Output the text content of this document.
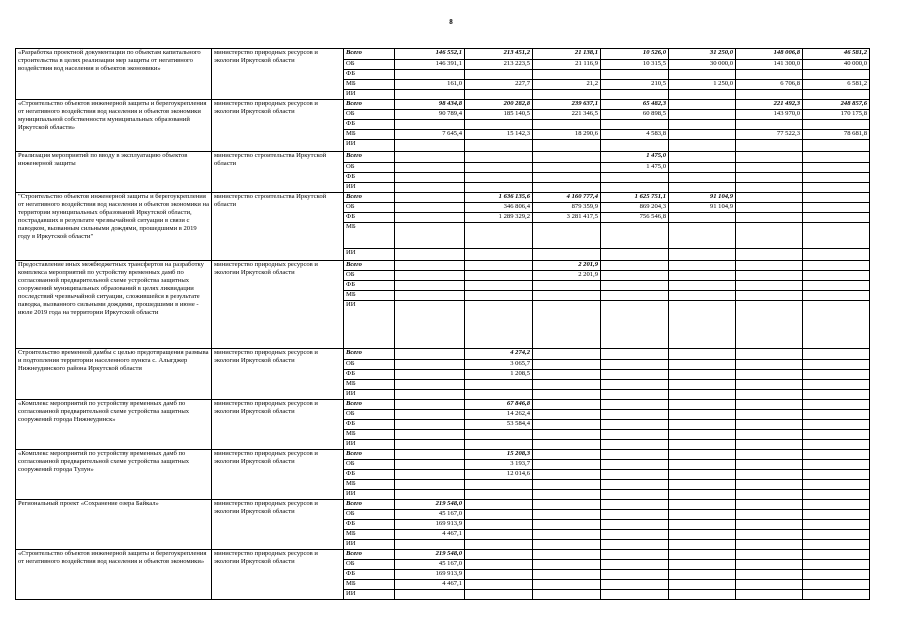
8
«Разработка проектной документации по объектам капитального строительства в целях реализации мер защиты от негативного воздействия вод населения и объектов экономики»	министерство природных ресурсов и экологии Иркутской области	Всего	146 552,1	213 451,2	21 138,1	10 526,0	31 250,0	148 006,8	46 581,2
		ОБ	146 391,1	213 223,5	21 116,9	10 315,5	30 000,0	141 300,0	40 000,0
		ФБ							
		МБ	161,0	227,7	21,2	210,5	1 250,0	6 706,8	6 581,2
		ИИ							
«Строительство объектов инженерной защиты и берегоукрепления от негативного воздействия вод населения и объектов экономики муниципальной собственности муниципальных образований Иркутской области»	министерство природных ресурсов и экологии Иркутской области	Всего	98 434,8	200 282,8	239 637,1	65 482,3		221 492,3	248 857,6
		ОБ	90 789,4	185 140,5	221 346,5	60 898,5		143 970,0	170 175,8
		ФБ							
		МБ	7 645,4	15 142,3	18 290,6	4 583,8		77 522,3	78 681,8
		ИИ							
Реализация мероприятий по вводу в эксплуатацию объектов инженерной защиты	министерство строительства Иркутской области	Всего				1 475,0			
		ОБ				1 475,0			
		ФБ							
		ИИ							
"Строительство объектов инженерной защиты и берегоукрепления от негативного воздействия вод населения и объектов экономики на территории муниципальных образований Иркутской области, пострадавших в результате чрезвычайной ситуации в связи с паводком, вызванным сильными дождями, прошедшими в 2019 году в Иркутской области"	министерство строительства Иркутской области	Всего		1 636 135,6	4 160 777,4	1 625 751,1	91 104,9		
		ОБ		346 806,4	879 359,9	869 204,3	91 104,9		
		ФБ		1 289 329,2	3 281 417,5	756 546,8			
		МБ							
		ИИ							
Предоставление иных межбюджетных трансфертов на разработку комплекса мероприятий по устройству временных дамб по согласованной предварительной схеме устройства защитных сооружений муниципальных образований в целях ликвидации последствий чрезвычайной ситуации, сложившейся в результате паводка, вызванного сильными дождями, прошедшими в июне - июле 2019 года на территории Иркутской области	министерство природных ресурсов и экологии Иркутской области	Всего			2 201,9				
		ОБ			2 201,9				
		ФБ							
		МБ							
		ИИ							
Строительство временной дамбы с целью предотвращения размыва и подтопления территории населенного пункта с. Алыгджер Нижнеудинского района Иркутской области	министерство природных ресурсов и экологии Иркутской области	Всего		4 274,2					
		ОБ		3 065,7					
		ФБ		1 208,5					
		МБ							
		ИИ							
«Комплекс мероприятий по устройству временных дамб по согласованной предварительной схеме устройства защитных сооружений города Нижнеудинск»	министерство природных ресурсов и экологии Иркутской области	Всего		67 846,8					
		ОБ		14 262,4					
		ФБ		53 584,4					
		МБ							
		ИИ							
«Комплекс мероприятий по устройству временных дамб по согласованной предварительной схеме устройства защитных сооружений города Тулун»	министерство природных ресурсов и экологии Иркутской области	Всего		15 208,3					
		ОБ		3 193,7					
		ФБ		12 014,6					
		МБ							
		ИИ							
Региональный проект «Сохранение озера Байкал»	министерство природных ресурсов и экологии Иркутской области	Всего	219 548,0						
		ОБ	45 167,0						
		ФБ	169 913,9						
		МБ	4 467,1						
		ИИ							
«Строительство объектов инженерной защиты и берегоукрепления от негативного воздействия вод населения и объектов экономики»	министерство природных ресурсов и экологии Иркутской области	Всего	219 548,0						
		ОБ	45 167,0						
		ФБ	169 913,9						
		МБ	4 467,1						
		ИИ							
